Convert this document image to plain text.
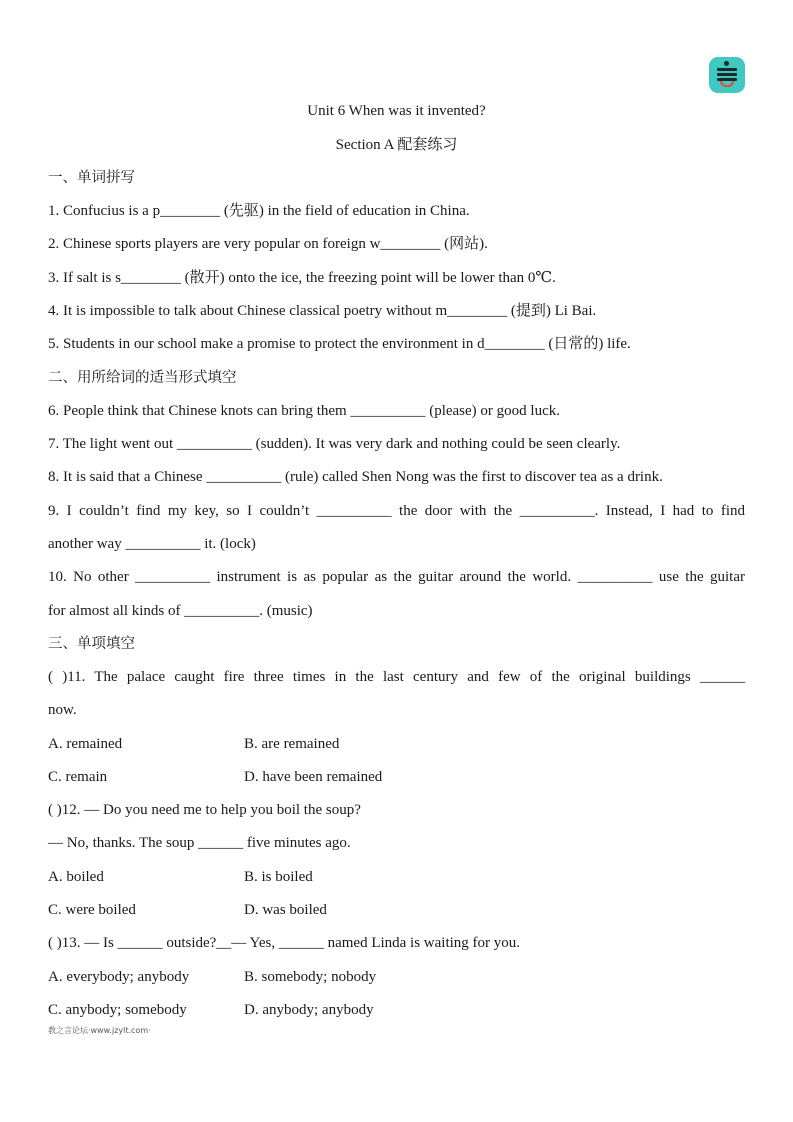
Unit 6 When was it invented?
Section A 配套练习
一、单词拼写
1. Confucius is a p________ (先驱) in the field of education in China.
2. Chinese sports players are very popular on foreign w________ (网站).
3. If salt is s________ (散开) onto the ice, the freezing point will be lower than 0℃.
4. It is impossible to talk about Chinese classical poetry without m________ (提到) Li Bai.
5. Students in our school make a promise to protect the environment in d________ (日常的) life.
二、用所给词的适当形式填空
6. People think that Chinese knots can bring them __________ (please) or good luck.
7. The light went out __________ (sudden). It was very dark and nothing could be seen clearly.
8. It is said that a Chinese __________ (rule) called Shen Nong was the first to discover tea as a drink.
9. I couldn’t find my key, so I couldn’t __________ the door with the __________. Instead, I had to find
another way __________ it. (lock)
10. No other __________ instrument is as popular as the guitar around the world. __________ use the guitar
for almost all kinds of __________. (music)
三、单项填空
( )11. The palace caught fire three times in the last century and few of the original buildings ______
now.
A. remained	B. are remained
C. remain	D. have been remained
( )12. — Do you need me to help you boil the soup?
— No, thanks. The soup ______ five minutes ago.
A. boiled	B. is boiled
C. were boiled	D. was boiled
( )13. — Is ______ outside?__— Yes, ______ named Linda is waiting for you.
A. everybody; anybody	B. somebody; nobody
C. anybody; somebody	D. anybody; anybody
教之言论坛·www.jzylt.com·
